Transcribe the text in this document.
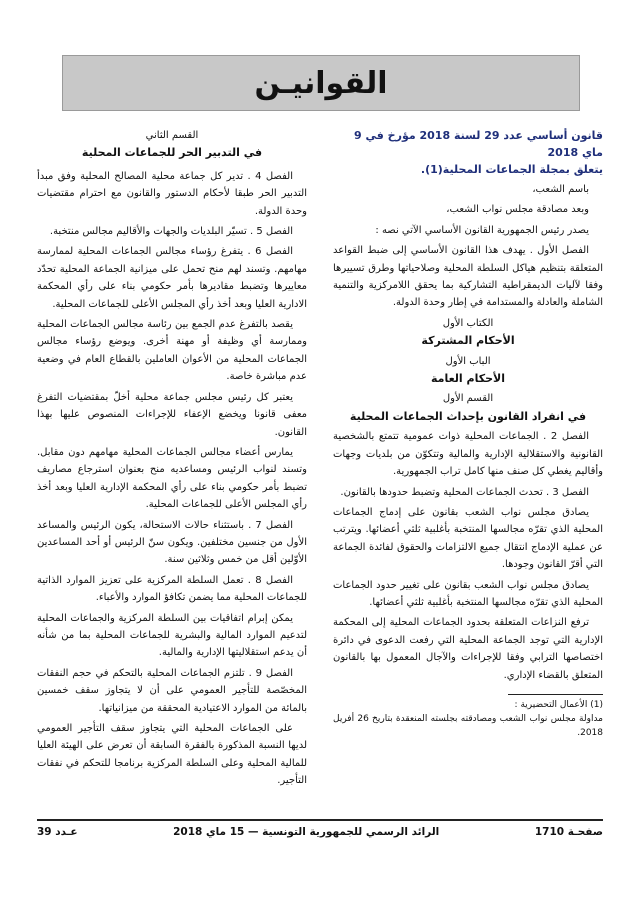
القوانيـن

قانون أساسي عدد 29 لسنة 2018 مؤرخ في 9 ماي 2018

يتعلق بمجلة الجماعات المحلية(1).

باسم الشعب،

وبعد مصادقة مجلس نواب الشعب،

يصدر رئيس الجمهورية القانون الأساسي الآتي نصه :

الفصل الأول . يهدف هذا القانون الأساسي إلى ضبط القواعد المتعلقة بتنظيم هياكل السلطة المحلية وصلاحياتها وطرق تسييرها وفقا لآليات الديمقراطية التشاركية بما يحقق اللامركزية والتنمية الشاملة والعادلة والمستدامة في إطار وحدة الدولة.

الكتاب الأول

الأحكام المشتركة

الباب الأول

الأحكام العامة

القسم الأول

في انفراد القانون بإحداث الجماعات المحلية

الفصل 2 . الجماعات المحلية ذوات عمومية تتمتع بالشخصية القانونية والاستقلالية الإدارية والمالية وتتكوّن من بلديات وجهات وأقاليم يغطي كل صنف منها كامل تراب الجمهورية.

الفصل 3 . تحدث الجماعات المحلية وتضبط حدودها بالقانون.

يصادق مجلس نواب الشعب بقانون على إدماج الجماعات المحلية الذي تقرّه مجالسها المنتخبة بأغلبية ثلثي أعضائها. ويترتب عن عملية الإدماج انتقال جميع الالتزامات والحقوق لفائدة الجماعة التي أقرّ القانون وجودها.

يصادق مجلس نواب الشعب بقانون على تغيير حدود الجماعات المحلية الذي تقرّه مجالسها المنتخبة بأغلبية ثلثي أعضائها.

ترفع النزاعات المتعلقة بحدود الجماعات المحلية إلى المحكمة الإدارية التي توجد الجماعة المحلية التي رفعت الدعوى في دائرة اختصاصها الترابي وفقا للإجراءات والآجال المعمول بها بالقانون المتعلق بالقضاء الإداري.

(1) الأعمال التحضيرية :

مداولة مجلس نواب الشعب ومصادقته بجلسته المنعقدة بتاريخ 26 أفريل 2018.

القسم الثاني

في التدبير الحر للجماعات المحلية

الفصل 4 . تدير كل جماعة محلية المصالح المحلية وفق مبدأ التدبير الحر طبقا لأحكام الدستور والقانون مع احترام مقتضيات وحدة الدولة.

الفصل 5 . تسيّر البلديات والجهات والأقاليم مجالس منتخبة.

الفصل 6 . يتفرغ رؤساء مجالس الجماعات المحلية لممارسة مهامهم. وتسند لهم منح تحمل على ميزانية الجماعة المحلية تحدّد معاييرها وتضبط مقاديرها بأمر حكومي بناء على رأي المحكمة الادارية العليا وبعد أخذ رأي المجلس الأعلى للجماعات المحلية.

يقصد بالتفرغ عدم الجمع بين رئاسة مجالس الجماعات المحلية وممارسة أي وظيفة أو مهنة أخرى. ويوضع رؤساء مجالس الجماعات المحلية من الأعوان العاملين بالقطاع العام في وضعية عدم مباشرة خاصة.

يعتبر كل رئيس مجلس جماعة محلية أخلّ بمقتضيات التفرغ معفى قانونا ويخضع الإعفاء للإجراءات المنصوص عليها بهذا القانون.

يمارس أعضاء مجالس الجماعات المحلية مهامهم دون مقابل. وتسند لنواب الرئيس ومساعديه منح بعنوان استرجاع مصاريف تضبط بأمر حكومي بناء على رأي المحكمة الإدارية العليا وبعد أخذ رأي المجلس الأعلى للجماعات المحلية.

الفصل 7 . باستثناء حالات الاستحالة، يكون الرئيس والمساعد الأول من جنسين مختلفين. ويكون سنّ الرئيس أو أحد المساعدين الأوّلين أقل من خمس وثلاثين سنة.

الفصل 8 . تعمل السلطة المركزية على تعزيز الموارد الذاتية للجماعات المحلية مما يضمن تكافؤ الموارد والأعباء.

يمكن إبرام اتفاقيات بين السلطة المركزية والجماعات المحلية لتدعيم الموارد المالية والبشرية للجماعات المحلية بما من شأنه أن يدعم استقلاليتها الإدارية والمالية.

الفصل 9 . تلتزم الجماعات المحلية بالتحكم في حجم النفقات المخصّصة للتأجير العمومي على أن لا يتجاوز سقف خمسين بالمائة من الموارد الاعتيادية المحققة من ميزانياتها.

على الجماعات المحلية التي يتجاوز سقف التأجير العمومي لديها النسبة المذكورة بالفقرة السابقة أن تعرض على الهيئة العليا للمالية المحلية وعلى السلطة المركزية برنامجا للتحكم في نفقات التأجير.

عـدد 39	الرائد الرسمي للجمهورية التونسية — 15 ماي 2018	صفحـة 1710
